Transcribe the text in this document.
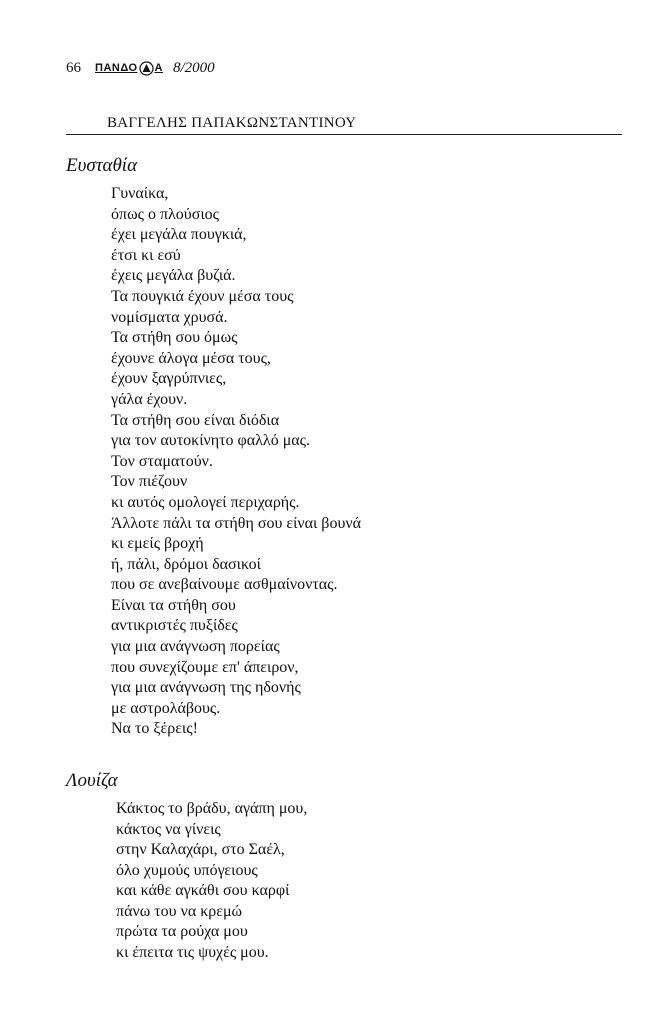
66 ΠΑΝΔΟ Α 8/2000
ΒΑΓΓΕΛΗΣ ΠΑΠΑΚΩΝΣΤΑΝΤΙΝΟΥ
Ευσταθία
Γυναίκα,
όπως ο πλούσιος
έχει μεγάλα πουγκιά,
έτσι κι εσύ
έχεις μεγάλα βυζιά.
Τα πουγκιά έχουν μέσα τους
νομίσματα χρυσά.
Τα στήθη σου όμως
έχουνε άλογα μέσα τους,
έχουν ξαγρύπνιες,
γάλα έχουν.
Τα στήθη σου είναι διόδια
για τον αυτοκίνητο φαλλό μας.
Τον σταματούν.
Τον πιέζουν
κι αυτός ομολογεί περιχαρής.
Άλλοτε πάλι τα στήθη σου είναι βουνά
κι εμείς βροχή
ή, πάλι, δρόμοι δασικοί
που σε ανεβαίνουμε ασθμαίνοντας.
Είναι τα στήθη σου
αντικριστές πυξίδες
για μια ανάγνωση πορείας
που συνεχίζουμε επ' άπειρον,
για μια ανάγνωση της ηδονής
με αστρολάβους.
Να το ξέρεις!
Λουίζα
Κάκτος το βράδυ, αγάπη μου,
κάκτος να γίνεις
στην Καλαχάρι, στο Σαέλ,
όλο χυμούς υπόγειους
και κάθε αγκάθι σου καρφί
πάνω του να κρεμώ
πρώτα τα ρούχα μου
κι έπειτα τις ψυχές μου.
